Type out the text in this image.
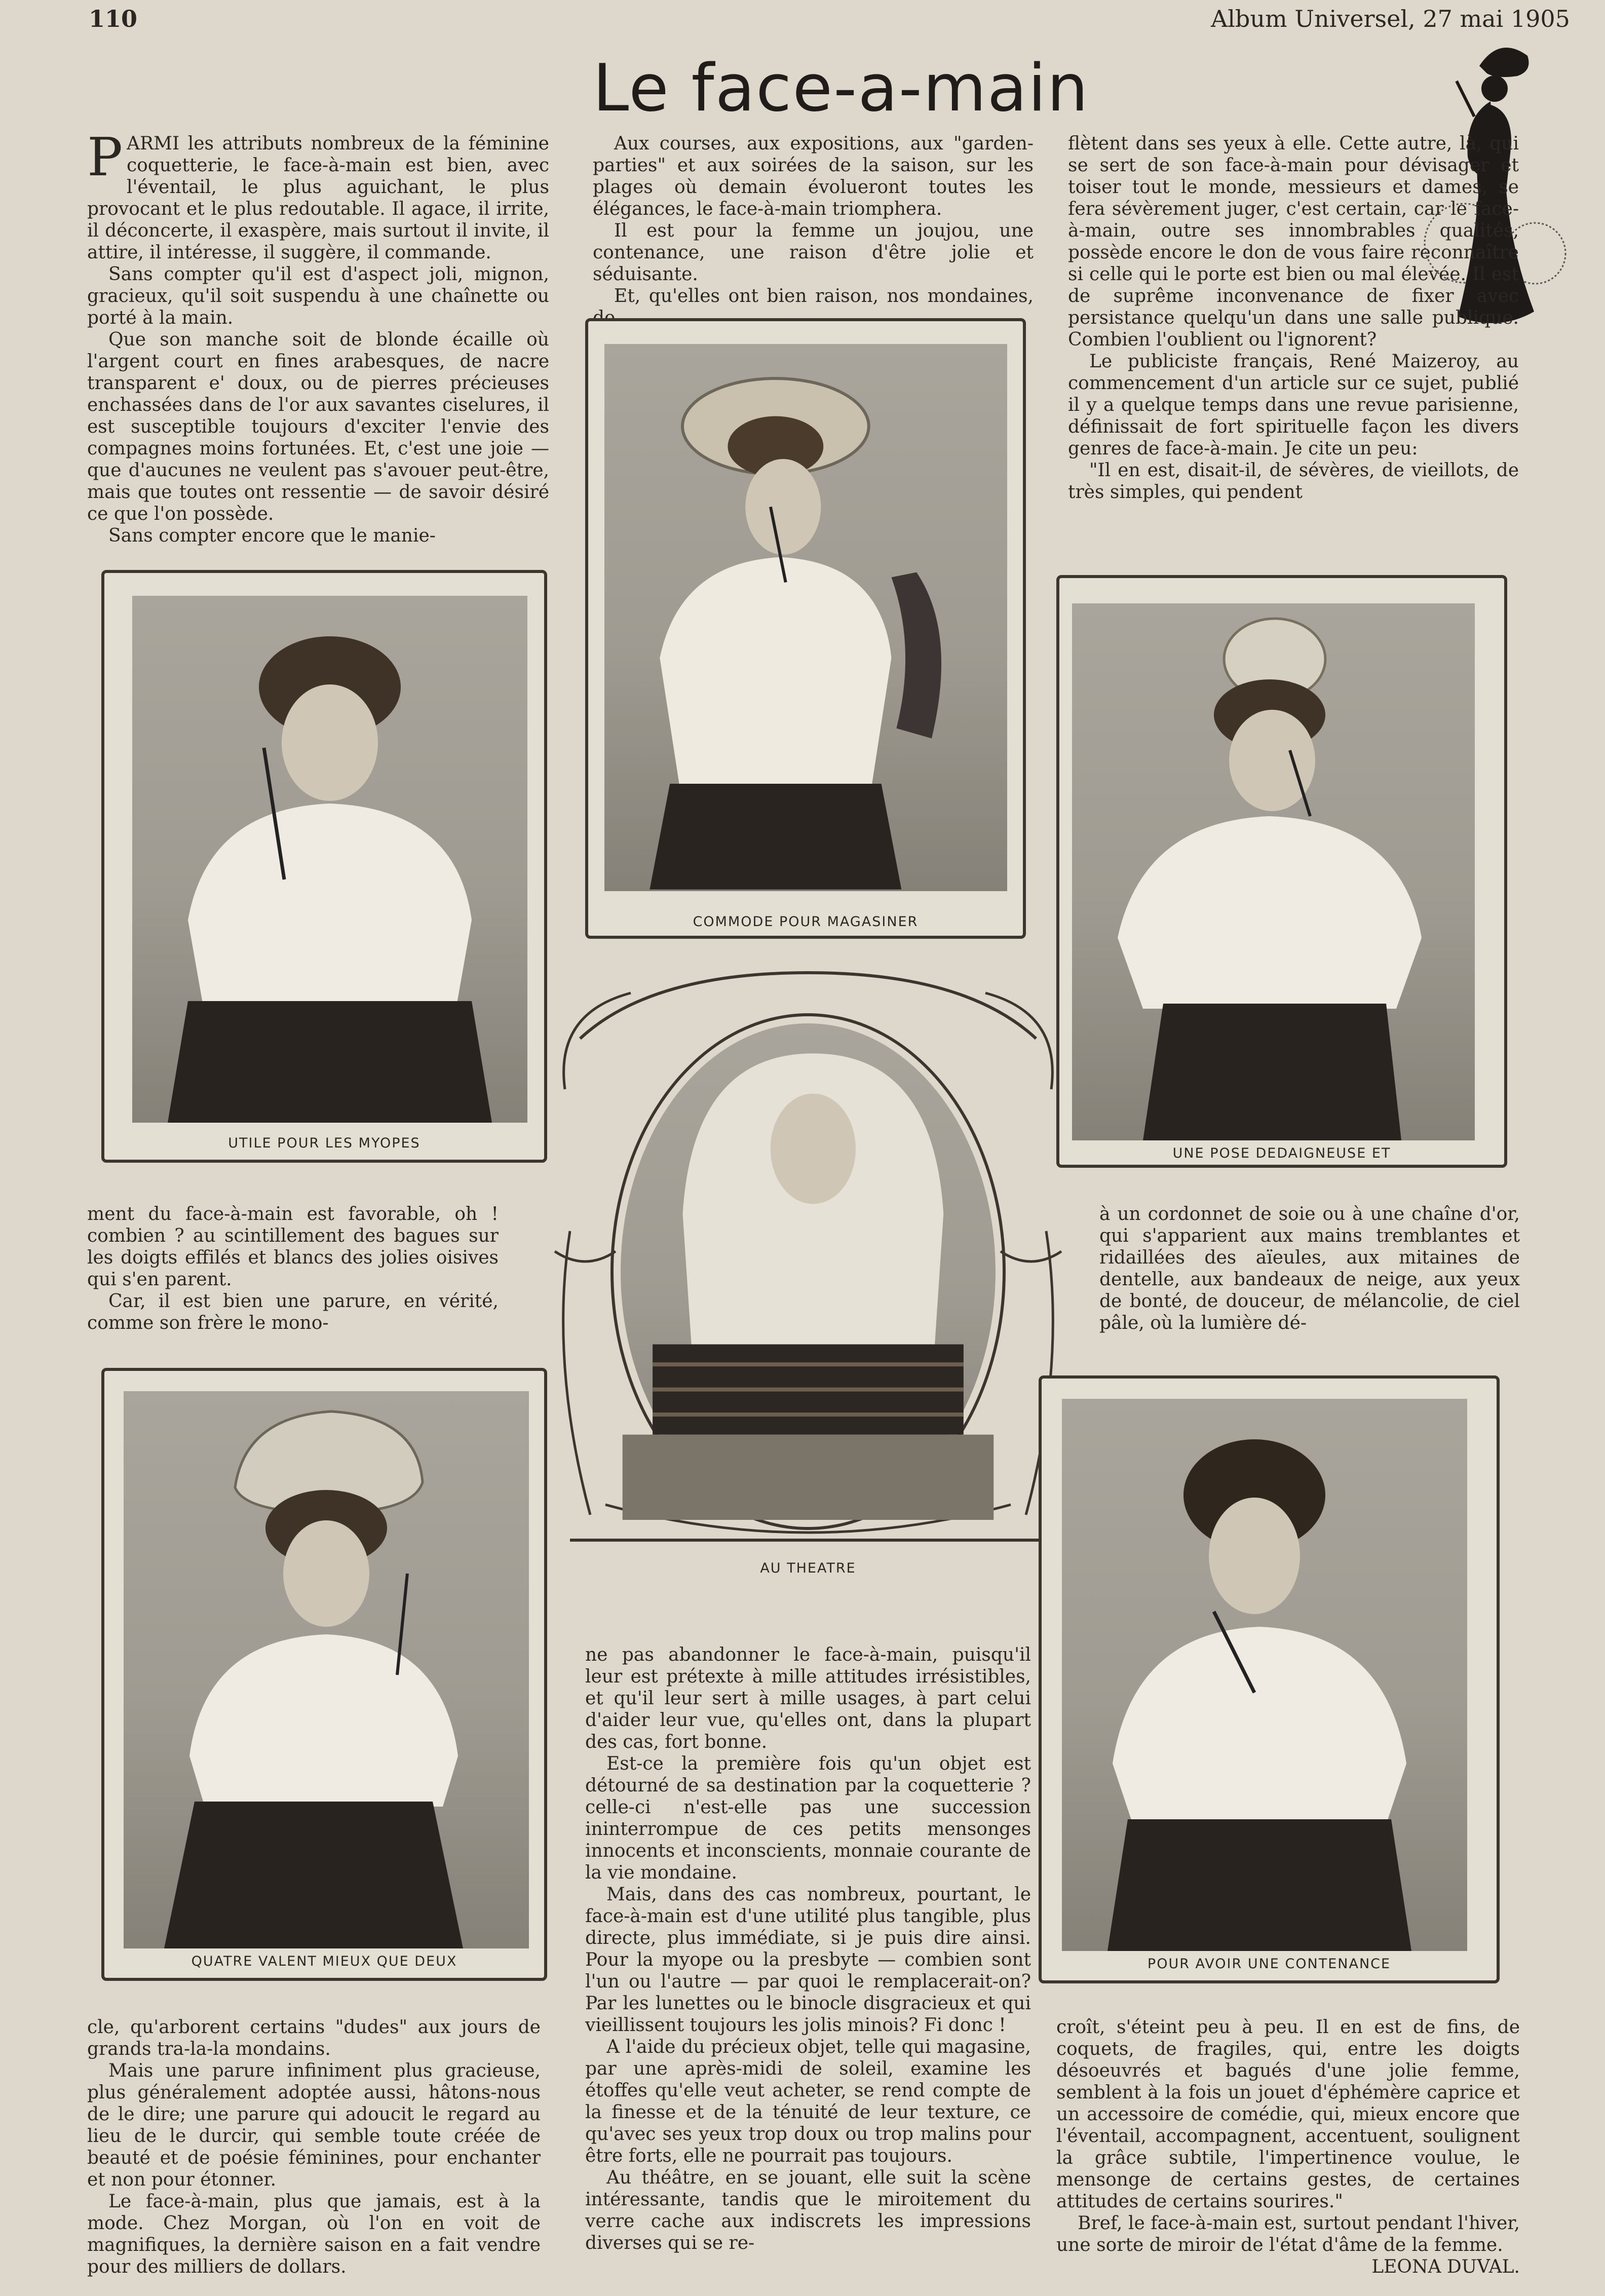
110	Album Universel, 27 mai 1905
Le face-a-main

PARMI les attributs nombreux de la féminine coquetterie, le face-à-main est bien, avec l'éventail, le plus aguichant, le plus provocant et le plus redoutable. Il agace, il irrite, il déconcerte, il exaspère, mais surtout il invite, il attire, il intéresse, il suggère, il commande.

Sans compter qu'il est d'aspect joli, mignon, gracieux, qu'il soit suspendu à une chaînette ou porté à la main.

Que son manche soit de blonde écaille où l'argent court en fines arabesques, de nacre transparent e' doux, ou de pierres précieuses enchassées dans de l'or aux savantes ciselures, il est susceptible toujours d'exciter l'envie des compagnes moins fortunées. Et, c'est une joie — que d'aucunes ne veulent pas s'avouer peut-être, mais que toutes ont ressentie — de savoir désiré ce que l'on possède.

Sans compter encore que le manie-

Aux courses, aux expositions, aux "garden-parties" et aux soirées de la saison, sur les plages où demain évolueront toutes les élégances, le face-à-main triomphera.

Il est pour la femme un joujou, une contenance, une raison d'être jolie et séduisante.

Et, qu'elles ont bien raison, nos mondaines,

flètent dans ses yeux à elle. Cette autre, là, qui se sert de son face-à-main pour dévisager et toiser tout le monde, messieurs et dames, se fera sévèrement juger, c'est certain, car le face-à-main, outre ses innombrables qualités, possède encore le don de vous faire reconnaître si celle qui le porte est bien ou mal élevée. Il est de suprême inconvenance de fixer avec persistance quelqu'un dans une salle publique. Combien l'oublient ou l'ignorent?

Le publiciste français, René Maizeroy, au commencement d'un article sur ce sujet, publié il y a quelque temps dans une revue parisienne, définissait de fort spirituelle façon les divers genres de face-à-main. Je cite un peu:

"Il en est, disait-il, de sévères, de vieillots, de très simples, qui pendent

COMMODE POUR MAGASINER
UTILE POUR LES MYOPES
UNE POSE DEDAIGNEUSE ET
AU THEATRE

ment du face-à-main est favorable, oh ! combien ? au scintillement des bagues sur les doigts effilés et blancs des jolies oisives qui s'en parent.

Car, il est bien une parure, en vérité, comme son frère le mono-

à un cordonnet de soie ou à une chaîne d'or, qui s'apparient aux mains tremblantes et ridaillées des aïeules, aux mitaines de dentelle, aux bandeaux de neige, aux yeux de bonté, de douceur, de mélancolie, de ciel pâle, où la lumière dé-

QUATRE VALENT MIEUX QUE DEUX	POUR AVOIR UNE CONTENANCE

ne pas abandonner le face-à-main, puisqu'il leur est prétexte à mille attitudes irrésistibles, et qu'il leur sert à mille usages, à part celui d'aider leur vue, qu'elles ont, dans la plupart des cas, fort bonne.

Est-ce la première fois qu'un objet est détourné de sa destination par la coquetterie ? celle-ci n'est-elle pas une succession ininterrompue de ces petits mensonges innocents et inconscients, monnaie courante de la vie mondaine.

Mais, dans des cas nombreux, pourtant, le face-à-main est d'une utilité plus tangible, plus directe, plus immédiate, si je puis dire ainsi. Pour la myope ou la presbyte — combien sont l'un ou l'autre — par quoi le remplacerait-on? Par les lunettes ou le binocle disgracieux et qui vieillissent toujours les jolis minois? Fi donc !

A l'aide du précieux objet, telle qui magasine, par une après-midi de soleil, examine les étoffes qu'elle veut acheter, se rend compte de la finesse et de la ténuité de leur texture, ce qu'avec ses yeux trop doux ou trop malins pour être forts, elle ne pourrait pas toujours.

Au théâtre, en se jouant, elle suit la scène intéressante, tandis que le miroitement du verre cache aux indiscrets les impressions diverses qui se re-

cle, qu'arborent certains "dudes" aux jours de grands tra-la-la mondains.

Mais une parure infiniment plus gracieuse, plus généralement adoptée aussi, hâtons-nous de le dire; une parure qui adoucit le regard au lieu de le durcir, qui semble toute créée de beauté et de poésie féminines, pour enchanter et non pour étonner.

Le face-à-main, plus que jamais, est à la mode. Chez Morgan, où l'on en voit de magnifiques, la dernière saison en a fait vendre pour des milliers de dollars.

croît, s'éteint peu à peu. Il en est de fins, de coquets, de fragiles, qui, entre les doigts désoeuvrés et bagués d'une jolie femme, semblent à la fois un jouet d'éphémère caprice et un accessoire de comédie, qui, mieux encore que l'éventail, accompagnent, accentuent, soulignent la grâce subtile, l'impertinence voulue, le mensonge de certains gestes, de certaines attitudes de certains sourires."

Bref, le face-à-main est, surtout pendant l'hiver, une sorte de miroir de l'état d'âme de la femme.

LEONA DUVAL.
